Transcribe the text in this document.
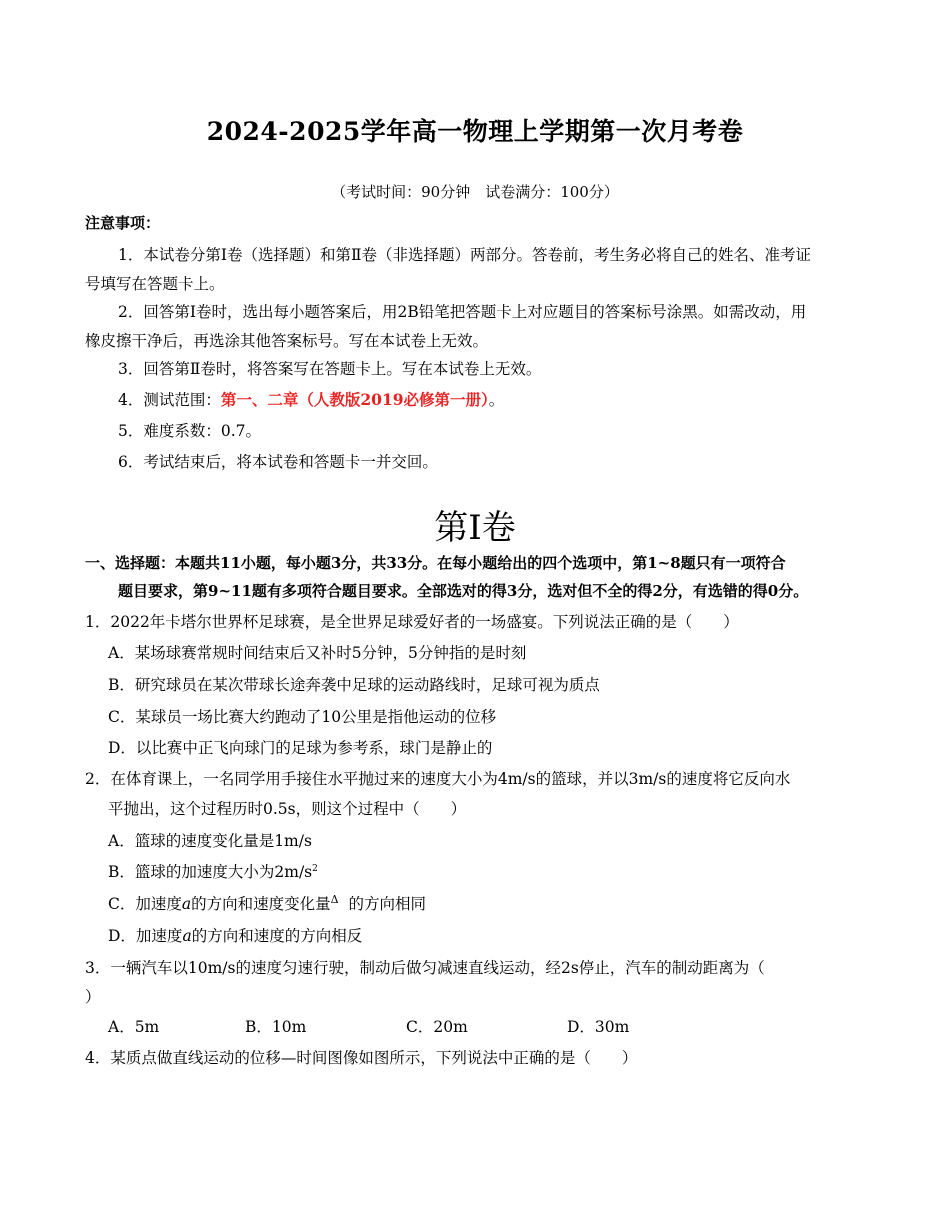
2024-2025学年高一物理上学期第一次月考卷
（考试时间：90分钟　试卷满分：100分）
注意事项：
1．本试卷分第Ⅰ卷（选择题）和第Ⅱ卷（非选择题）两部分。答卷前，考生务必将自己的姓名、准考证
号填写在答题卡上。
2．回答第Ⅰ卷时，选出每小题答案后，用2B铅笔把答题卡上对应题目的答案标号涂黑。如需改动，用
橡皮擦干净后，再选涂其他答案标号。写在本试卷上无效。
3．回答第Ⅱ卷时，将答案写在答题卡上。写在本试卷上无效。
4．测试范围：第一、二章（人教版2019必修第一册）。
5．难度系数：0.7。
6．考试结束后，将本试卷和答题卡一并交回。
第Ⅰ卷
一、选择题：本题共11小题，每小题3分，共33分。在每小题给出的四个选项中，第1~8题只有一项符合
题目要求，第9~11题有多项符合题目要求。全部选对的得3分，选对但不全的得2分，有选错的得0分。
1．2022年卡塔尔世界杯足球赛，是全世界足球爱好者的一场盛宴。下列说法正确的是（　　）
A．某场球赛常规时间结束后又补时5分钟，5分钟指的是时刻
B．研究球员在某次带球长途奔袭中足球的运动路线时，足球可视为质点
C．某球员一场比赛大约跑动了10公里是指他运动的位移
D．以比赛中正飞向球门的足球为参考系，球门是静止的
2．在体育课上，一名同学用手接住水平抛过来的速度大小为4m/s的篮球，并以3m/s的速度将它反向水
平抛出，这个过程历时0.5s，则这个过程中（　　）
A．篮球的速度变化量是1m/s
B．篮球的加速度大小为$2m/s^2$
C．加速度a的方向和速度变化量$^\Delta$ 的方向相同
D．加速度a的方向和速度的方向相反
3．一辆汽车以10m/s的速度匀速行驶，制动后做匀减速直线运动，经2s停止，汽车的制动距离为（
）
A．5m	B．10m	C．20m	D．30m
4．某质点做直线运动的位移—时间图像如图所示，下列说法中正确的是（　　）
